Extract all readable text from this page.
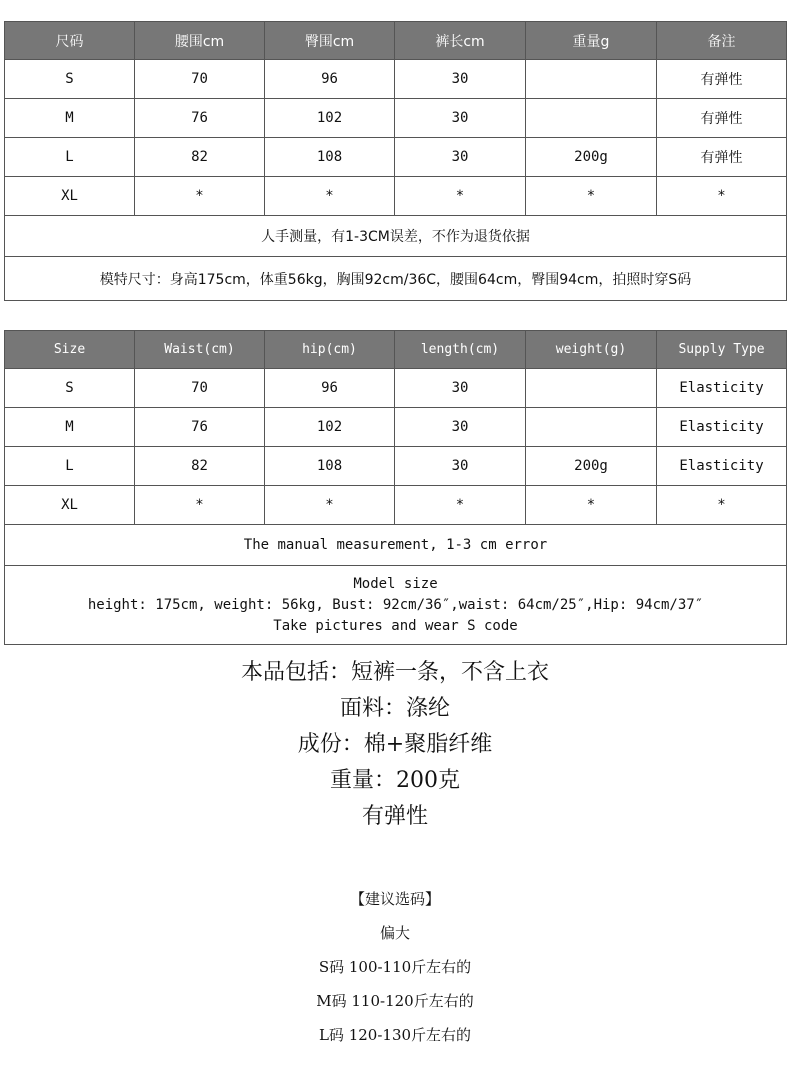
尺码	腰围cm	臀围cm	裤长cm	重量g	备注
S	70	96	30		有弹性
M	76	102	30		有弹性
L	82	108	30	200g	有弹性
XL	*	*	*	*	*
人手测量，有1-3CM误差，不作为退货依据					
模特尺寸：身高175cm，体重56kg，胸围92cm/36C，腰围64cm，臀围94cm，拍照时穿S码					
Size	Waist(cm)	hip(cm)	length(cm)	weight(g)	Supply Type
S	70	96	30		Elasticity
M	76	102	30		Elasticity
L	82	108	30	200g	Elasticity
XL	*	*	*	*	*
The manual measurement, 1-3 cm error					

Model size
height: 175cm, weight: 56kg, Bust: 92cm/36″,waist: 64cm/25″,Hip: 94cm/37″
Take pictures and wear S code					
本品包括：短裤一条，不含上衣
面料：涤纶
成份：棉+聚脂纤维
重量：200克
有弹性
【建议选码】
偏大
S码 100-110斤左右的
M码 110-120斤左右的
L码 120-130斤左右的
